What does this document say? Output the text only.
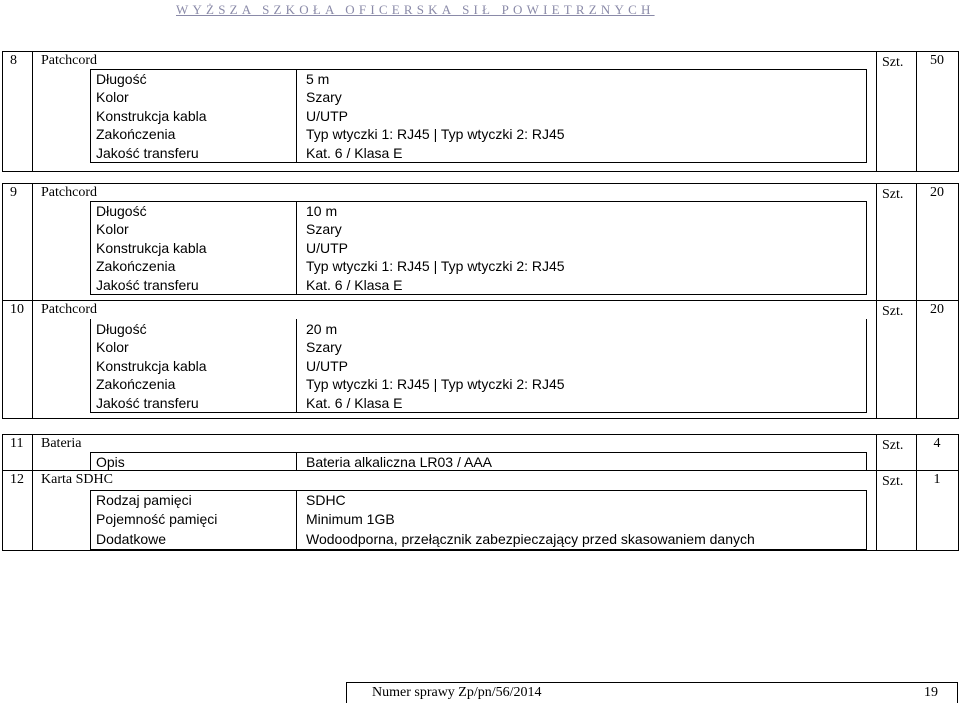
WYŻSZA SZKOŁA OFICERSKA SIŁ POWIETRZNYCH
8 Patchcord	Szt.	50
Długość	5 m
Kolor	Szary
Konstrukcja kabla	U/UTP
Zakończenia	Typ wtyczki 1: RJ45 | Typ wtyczki 2: RJ45
Jakość transferu	Kat. 6 / Klasa E
9 Patchcord	Szt.	20
Długość	10 m
Kolor	Szary
Konstrukcja kabla	U/UTP
Zakończenia	Typ wtyczki 1: RJ45 | Typ wtyczki 2: RJ45
Jakość transferu	Kat. 6 / Klasa E
10 Patchcord	Szt.	20
Długość	20 m
Kolor	Szary
Konstrukcja kabla	U/UTP
Zakończenia	Typ wtyczki 1: RJ45 | Typ wtyczki 2: RJ45
Jakość transferu	Kat. 6 / Klasa E
11 Bateria	Szt.	4
Opis	Bateria alkaliczna LR03 / AAA
12 Karta SDHC	Szt.	1
Rodzaj pamięci	SDHC
Pojemność pamięci	Minimum 1GB
Dodatkowe	Wodoodporna, przełącznik zabezpieczający przed skasowaniem danych
Numer sprawy Zp/pn/56/2014	19
